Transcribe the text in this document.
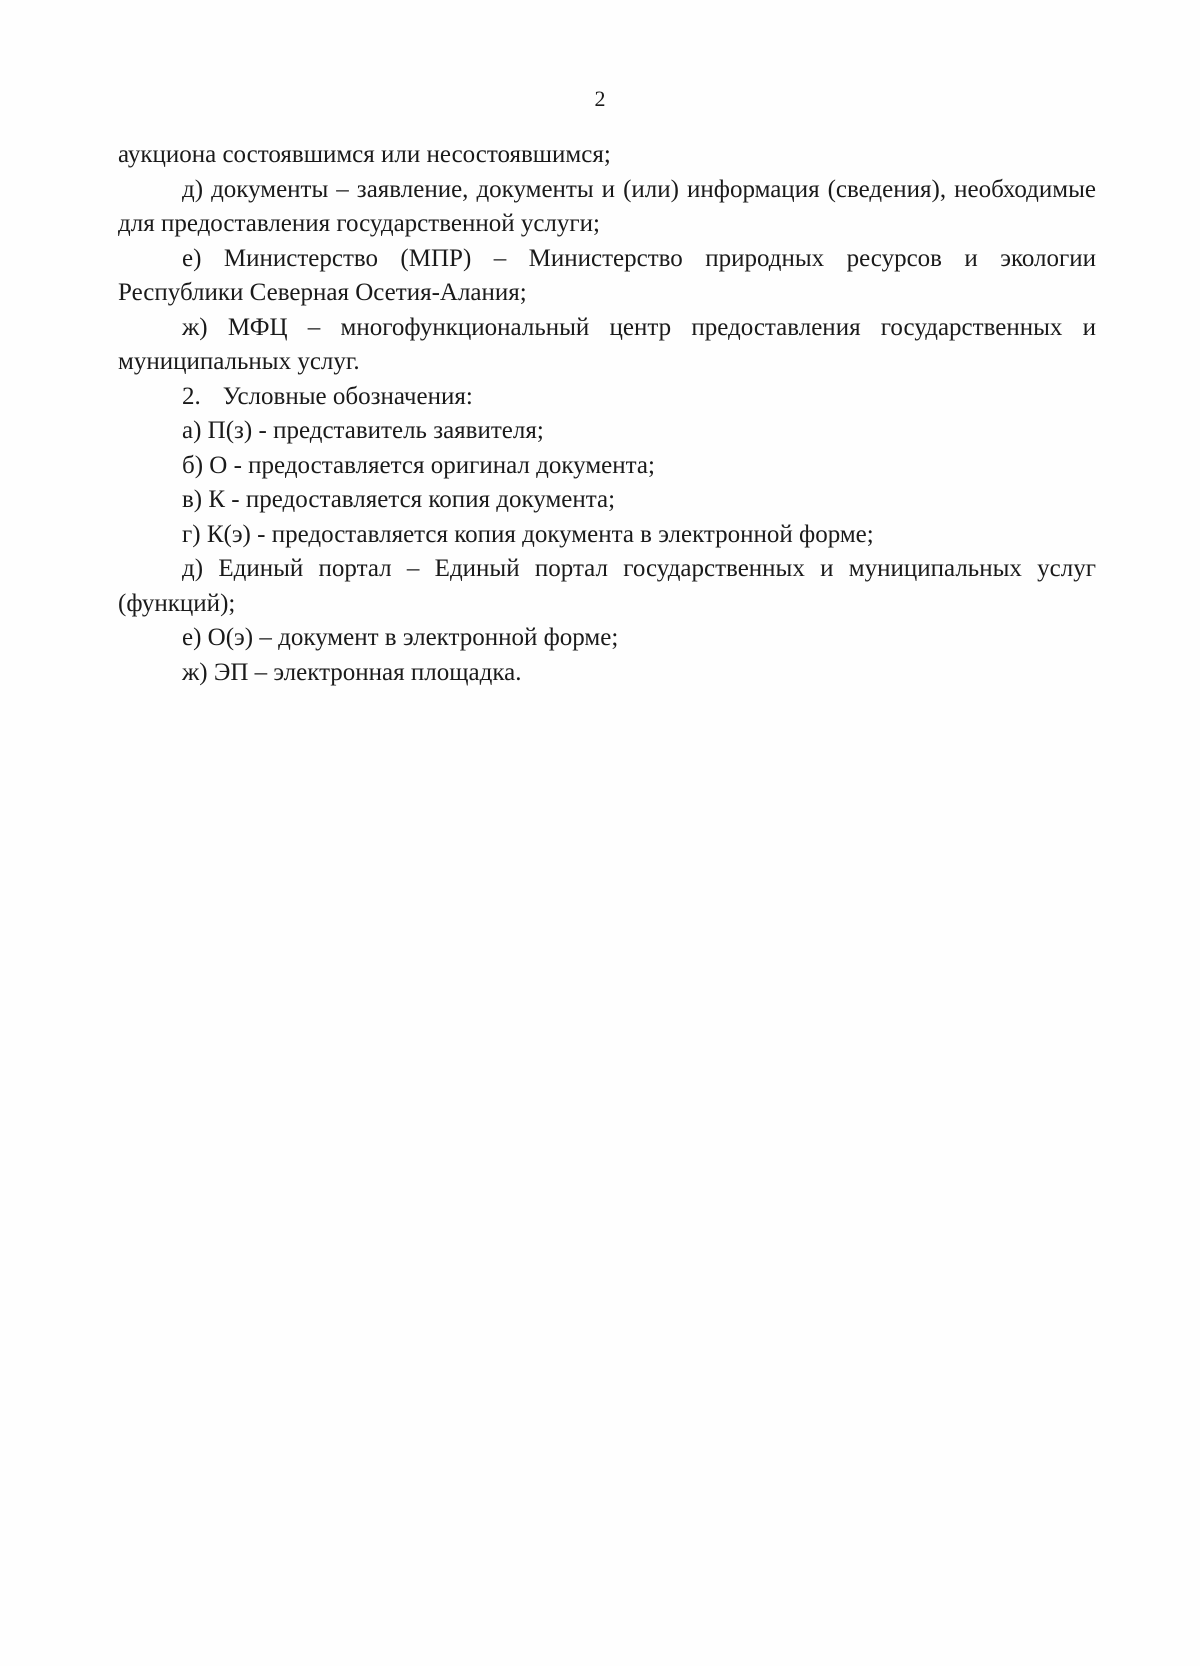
2

аукциона состоявшимся или несостоявшимся;

д) документы – заявление, документы и (или) информация (сведения), необходимые для предоставления государственной услуги;

е) Министерство (МПР) – Министерство природных ресурсов и экологии Республики Северная Осетия-Алания;

ж) МФЦ – многофункциональный центр предоставления государственных и муниципальных услуг.

2. Условные обозначения:

а) П(з) - представитель заявителя;

б) О - предоставляется оригинал документа;

в) К - предоставляется копия документа;

г) К(э) - предоставляется копия документа в электронной форме;

д) Единый портал – Единый портал государственных и муниципальных услуг (функций);

е) О(э) – документ в электронной форме;

ж) ЭП – электронная площадка.
